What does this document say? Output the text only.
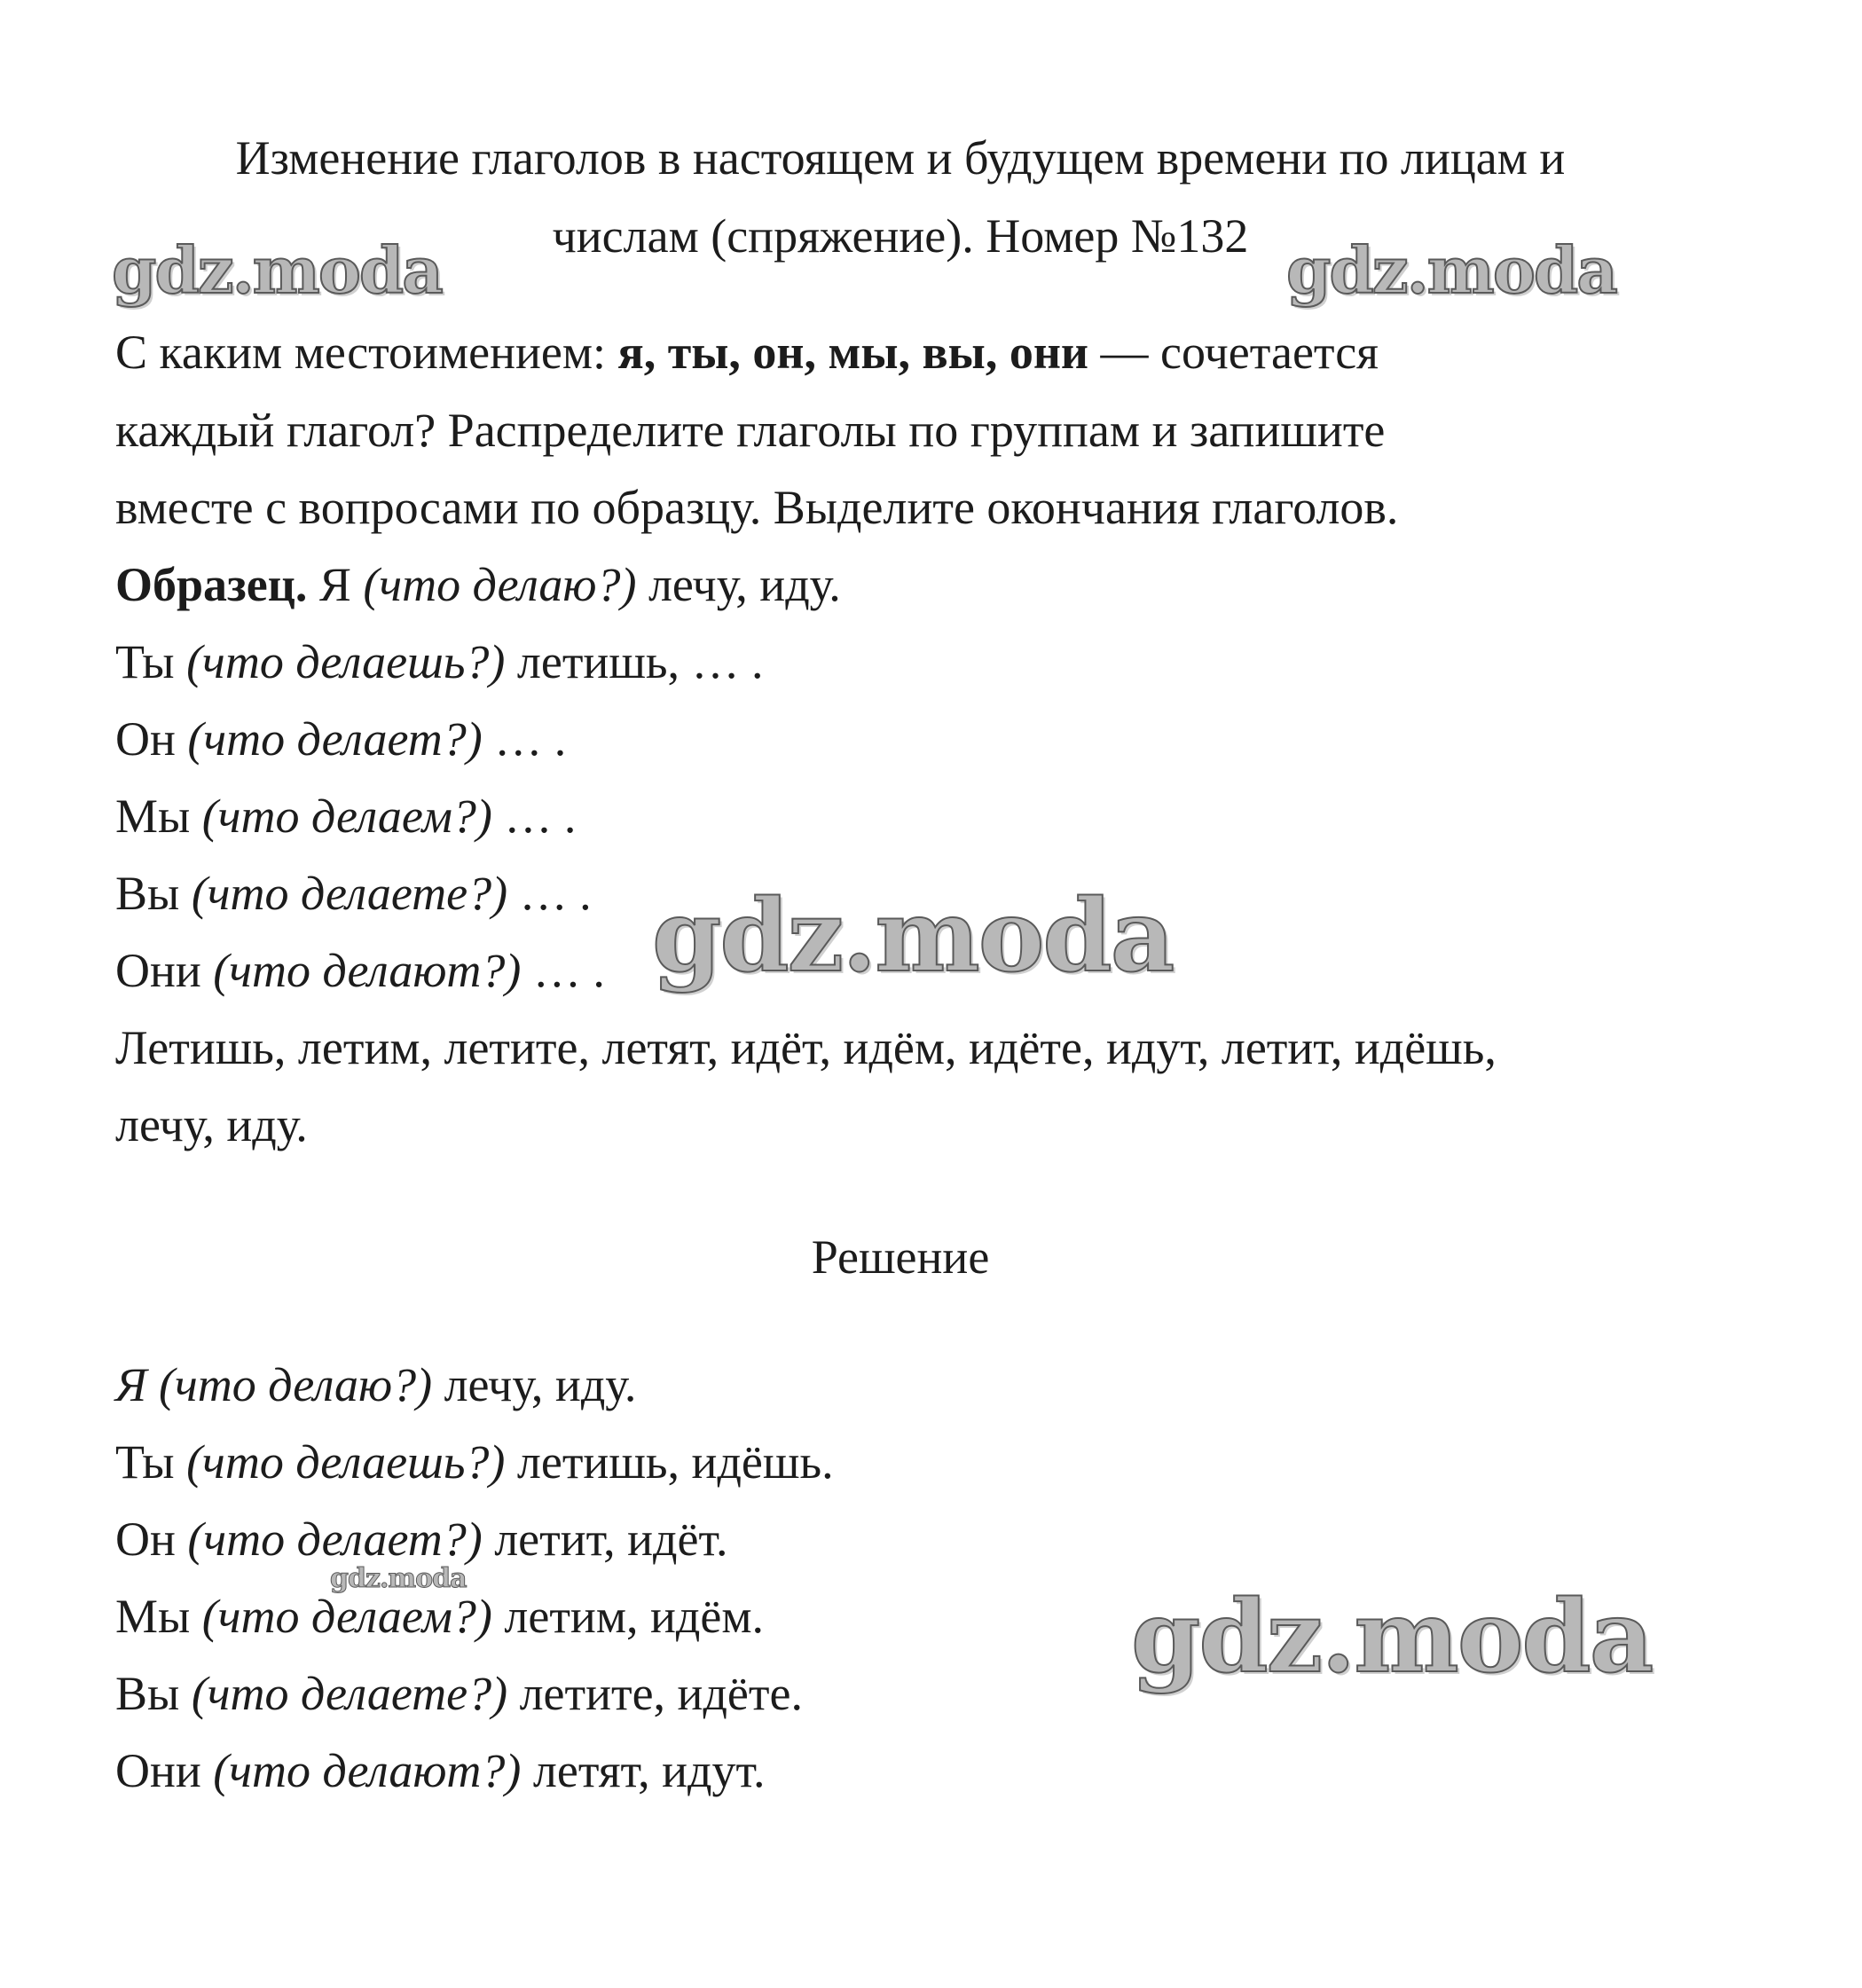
Изменение глаголов в настоящем и будущем времени по лицам и
числам (спряжение). Номер №132
С каким местоимением: я, ты, он, мы, вы, они — сочетается
каждый глагол? Распределите глаголы по группам и запишите
вместе с вопросами по образцу. Выделите окончания глаголов.
Образец. Я (что делаю?) лечу, иду.
Ты (что делаешь?) летишь, … .
Он (что делает?) … .
Мы (что делаем?) … .
Вы (что делаете?) … .
Они (что делают?) … .
Летишь, летим, летите, летят, идёт, идём, идёте, идут, летит, идёшь,
лечу, иду.
Решение
Я (что делаю?) лечу, иду.
Ты (что делаешь?) летишь, идёшь.
Он (что делает?) летит, идёт.
Мы (что делаем?) летим, идём.
Вы (что делаете?) летите, идёте.
Они (что делают?) летят, идут.
gdz.moda	gdz.moda
gdz.moda
gdz.moda
gdz.moda
